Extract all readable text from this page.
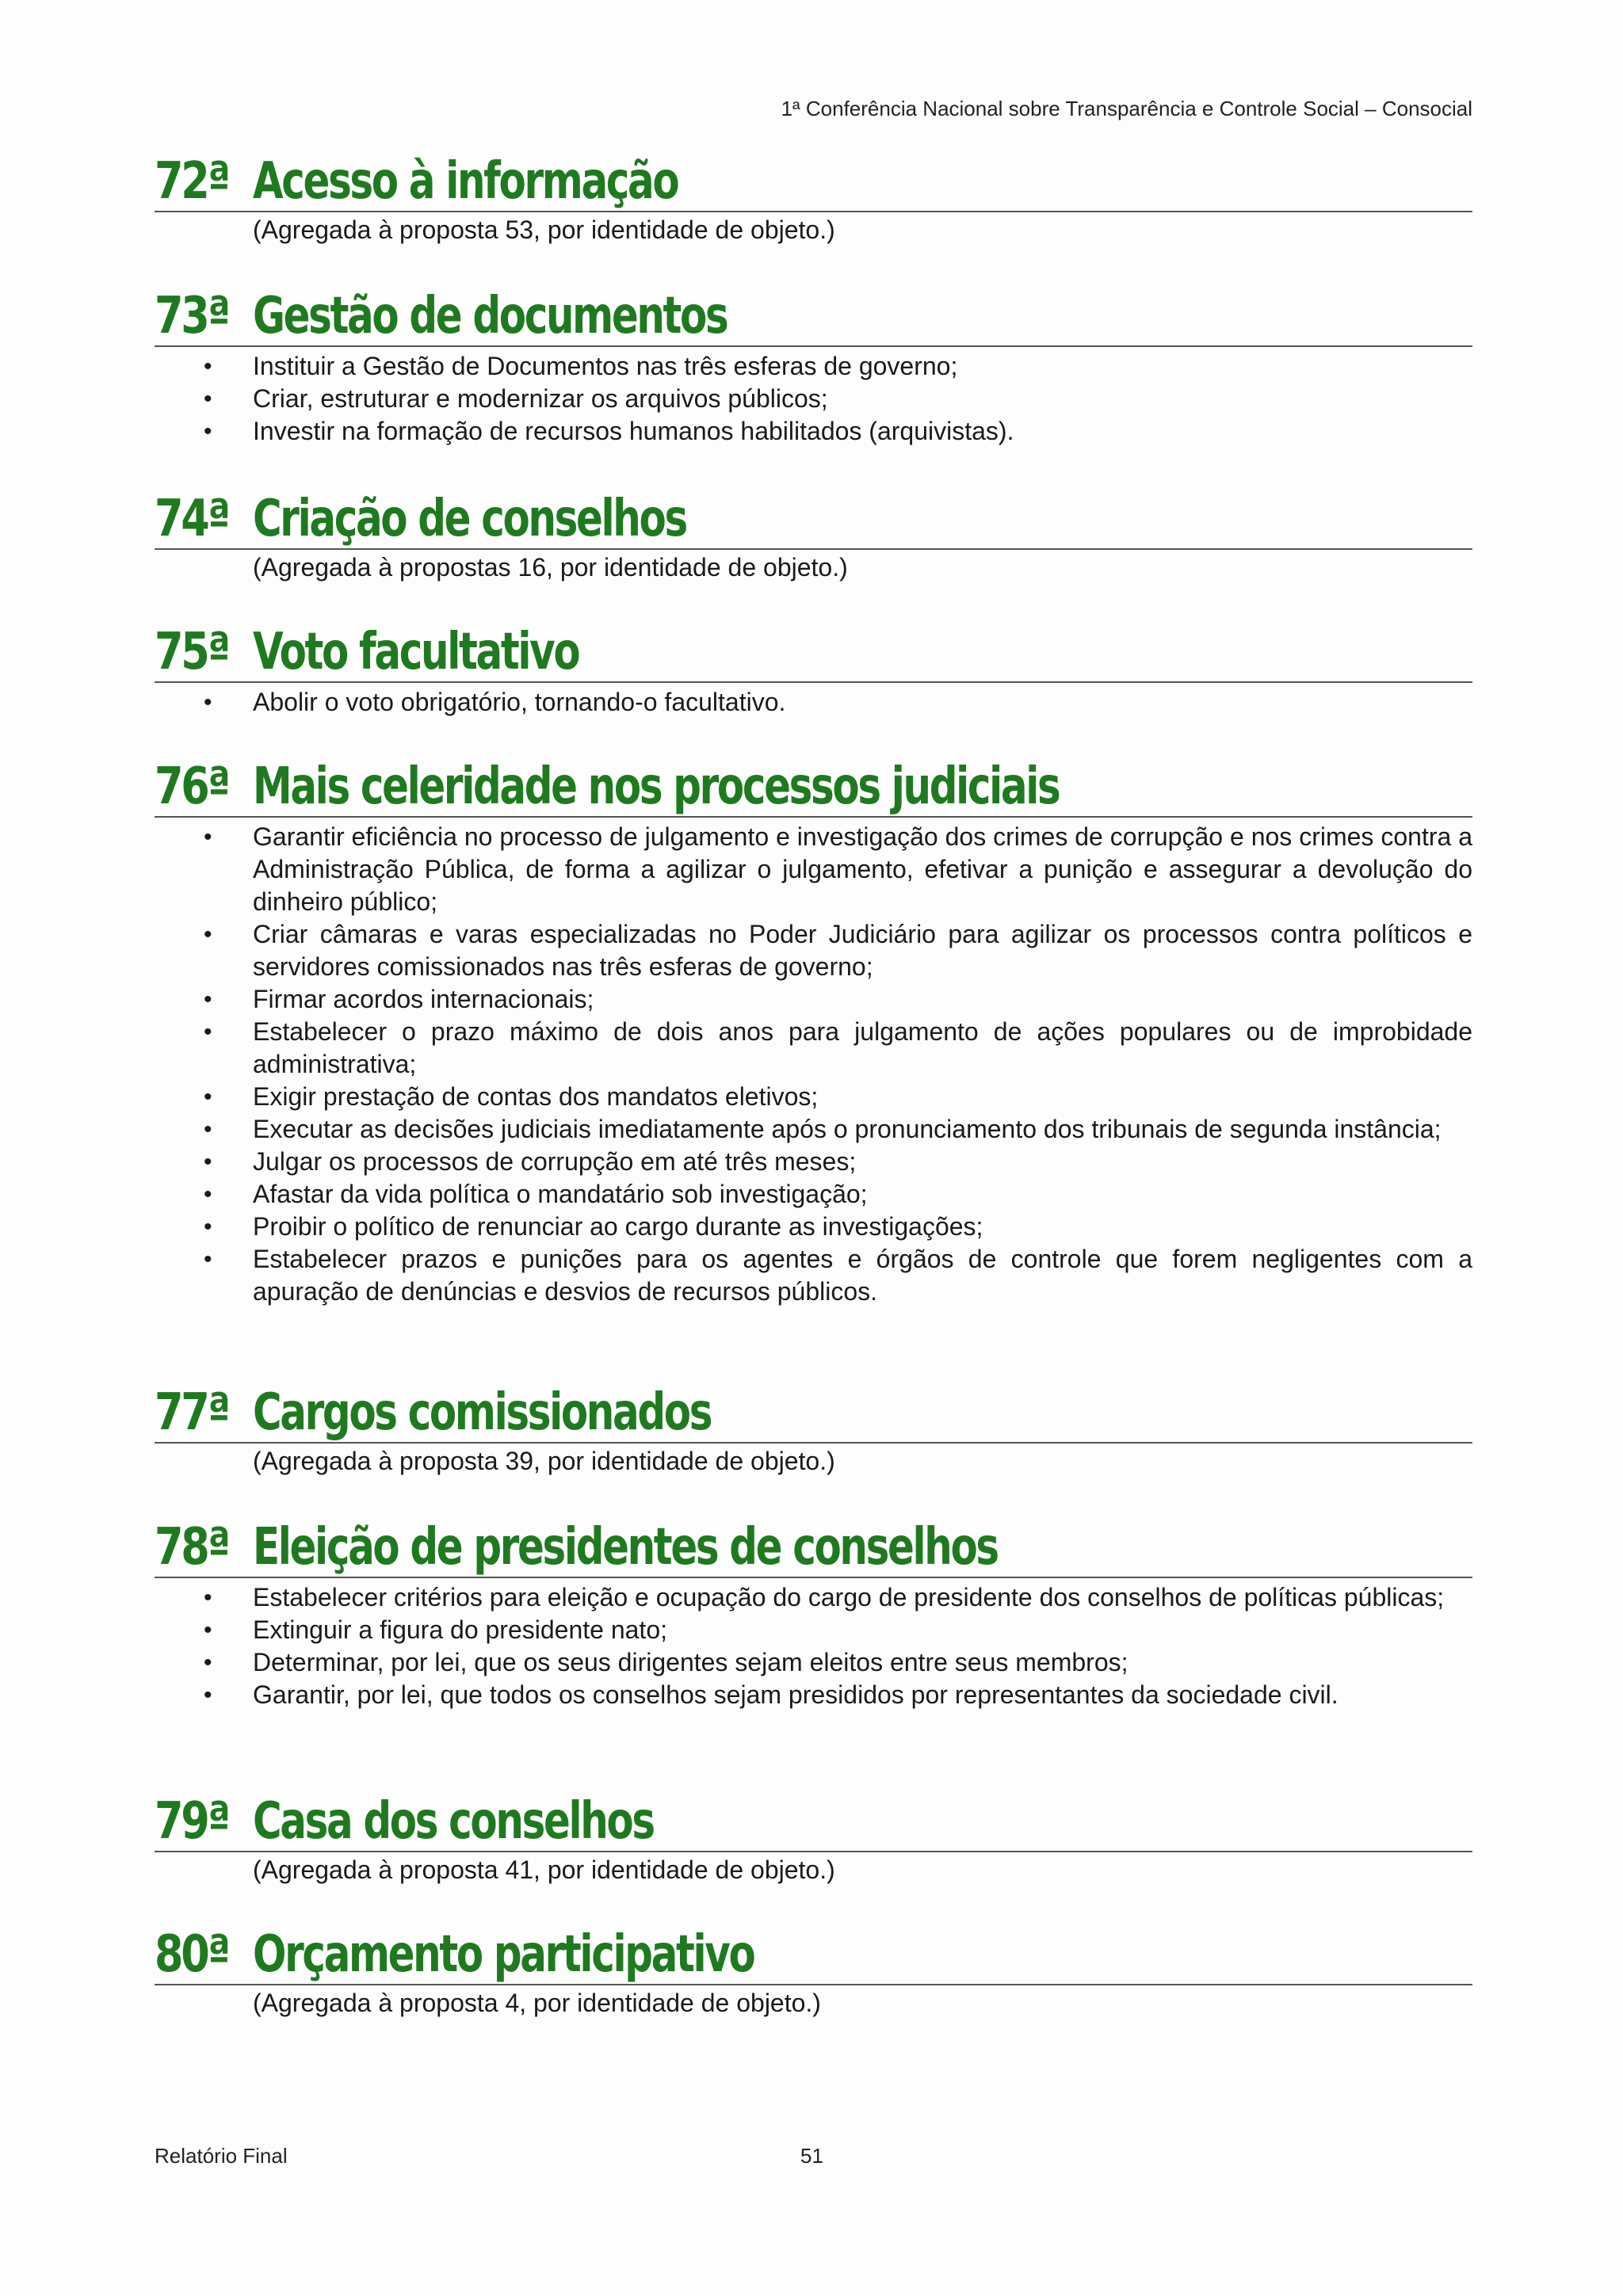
1ª Conferência Nacional sobre Transparência e Controle Social – Consocial
72ª Acesso à informação
(Agregada à proposta 53, por identidade de objeto.)
73ª Gestão de documentos
• Instituir a Gestão de Documentos nas três esferas de governo;
• Criar, estruturar e modernizar os arquivos públicos;
• Investir na formação de recursos humanos habilitados (arquivistas).
74ª Criação de conselhos
(Agregada à propostas 16, por identidade de objeto.)
75ª Voto facultativo
• Abolir o voto obrigatório, tornando-o facultativo.
76ª Mais celeridade nos processos judiciais
• Garantir eficiência no processo de julgamento e investigação dos crimes de corrupção e nos crimes contra a Administração Pública, de forma a agilizar o julgamento, efetivar a punição e assegurar a devolução do dinheiro público;
• Criar câmaras e varas especializadas no Poder Judiciário para agilizar os processos contra políticos e servidores comissionados nas três esferas de governo;
• Firmar acordos internacionais;
• Estabelecer o prazo máximo de dois anos para julgamento de ações populares ou de improbidade administrativa;
• Exigir prestação de contas dos mandatos eletivos;
• Executar as decisões judiciais imediatamente após o pronunciamento dos tribunais de segunda instância;
• Julgar os processos de corrupção em até três meses;
• Afastar da vida política o mandatário sob investigação;
• Proibir o político de renunciar ao cargo durante as investigações;
• Estabelecer prazos e punições para os agentes e órgãos de controle que forem negligentes com a apuração de denúncias e desvios de recursos públicos.
77ª Cargos comissionados
(Agregada à proposta 39, por identidade de objeto.)
78ª Eleição de presidentes de conselhos
• Estabelecer critérios para eleição e ocupação do cargo de presidente dos conselhos de políticas públicas;
• Extinguir a figura do presidente nato;
• Determinar, por lei, que os seus dirigentes sejam eleitos entre seus membros;
• Garantir, por lei, que todos os conselhos sejam presididos por representantes da sociedade civil.
79ª Casa dos conselhos
(Agregada à proposta 41, por identidade de objeto.)
80ª Orçamento participativo
(Agregada à proposta 4, por identidade de objeto.)
Relatório Final	51
